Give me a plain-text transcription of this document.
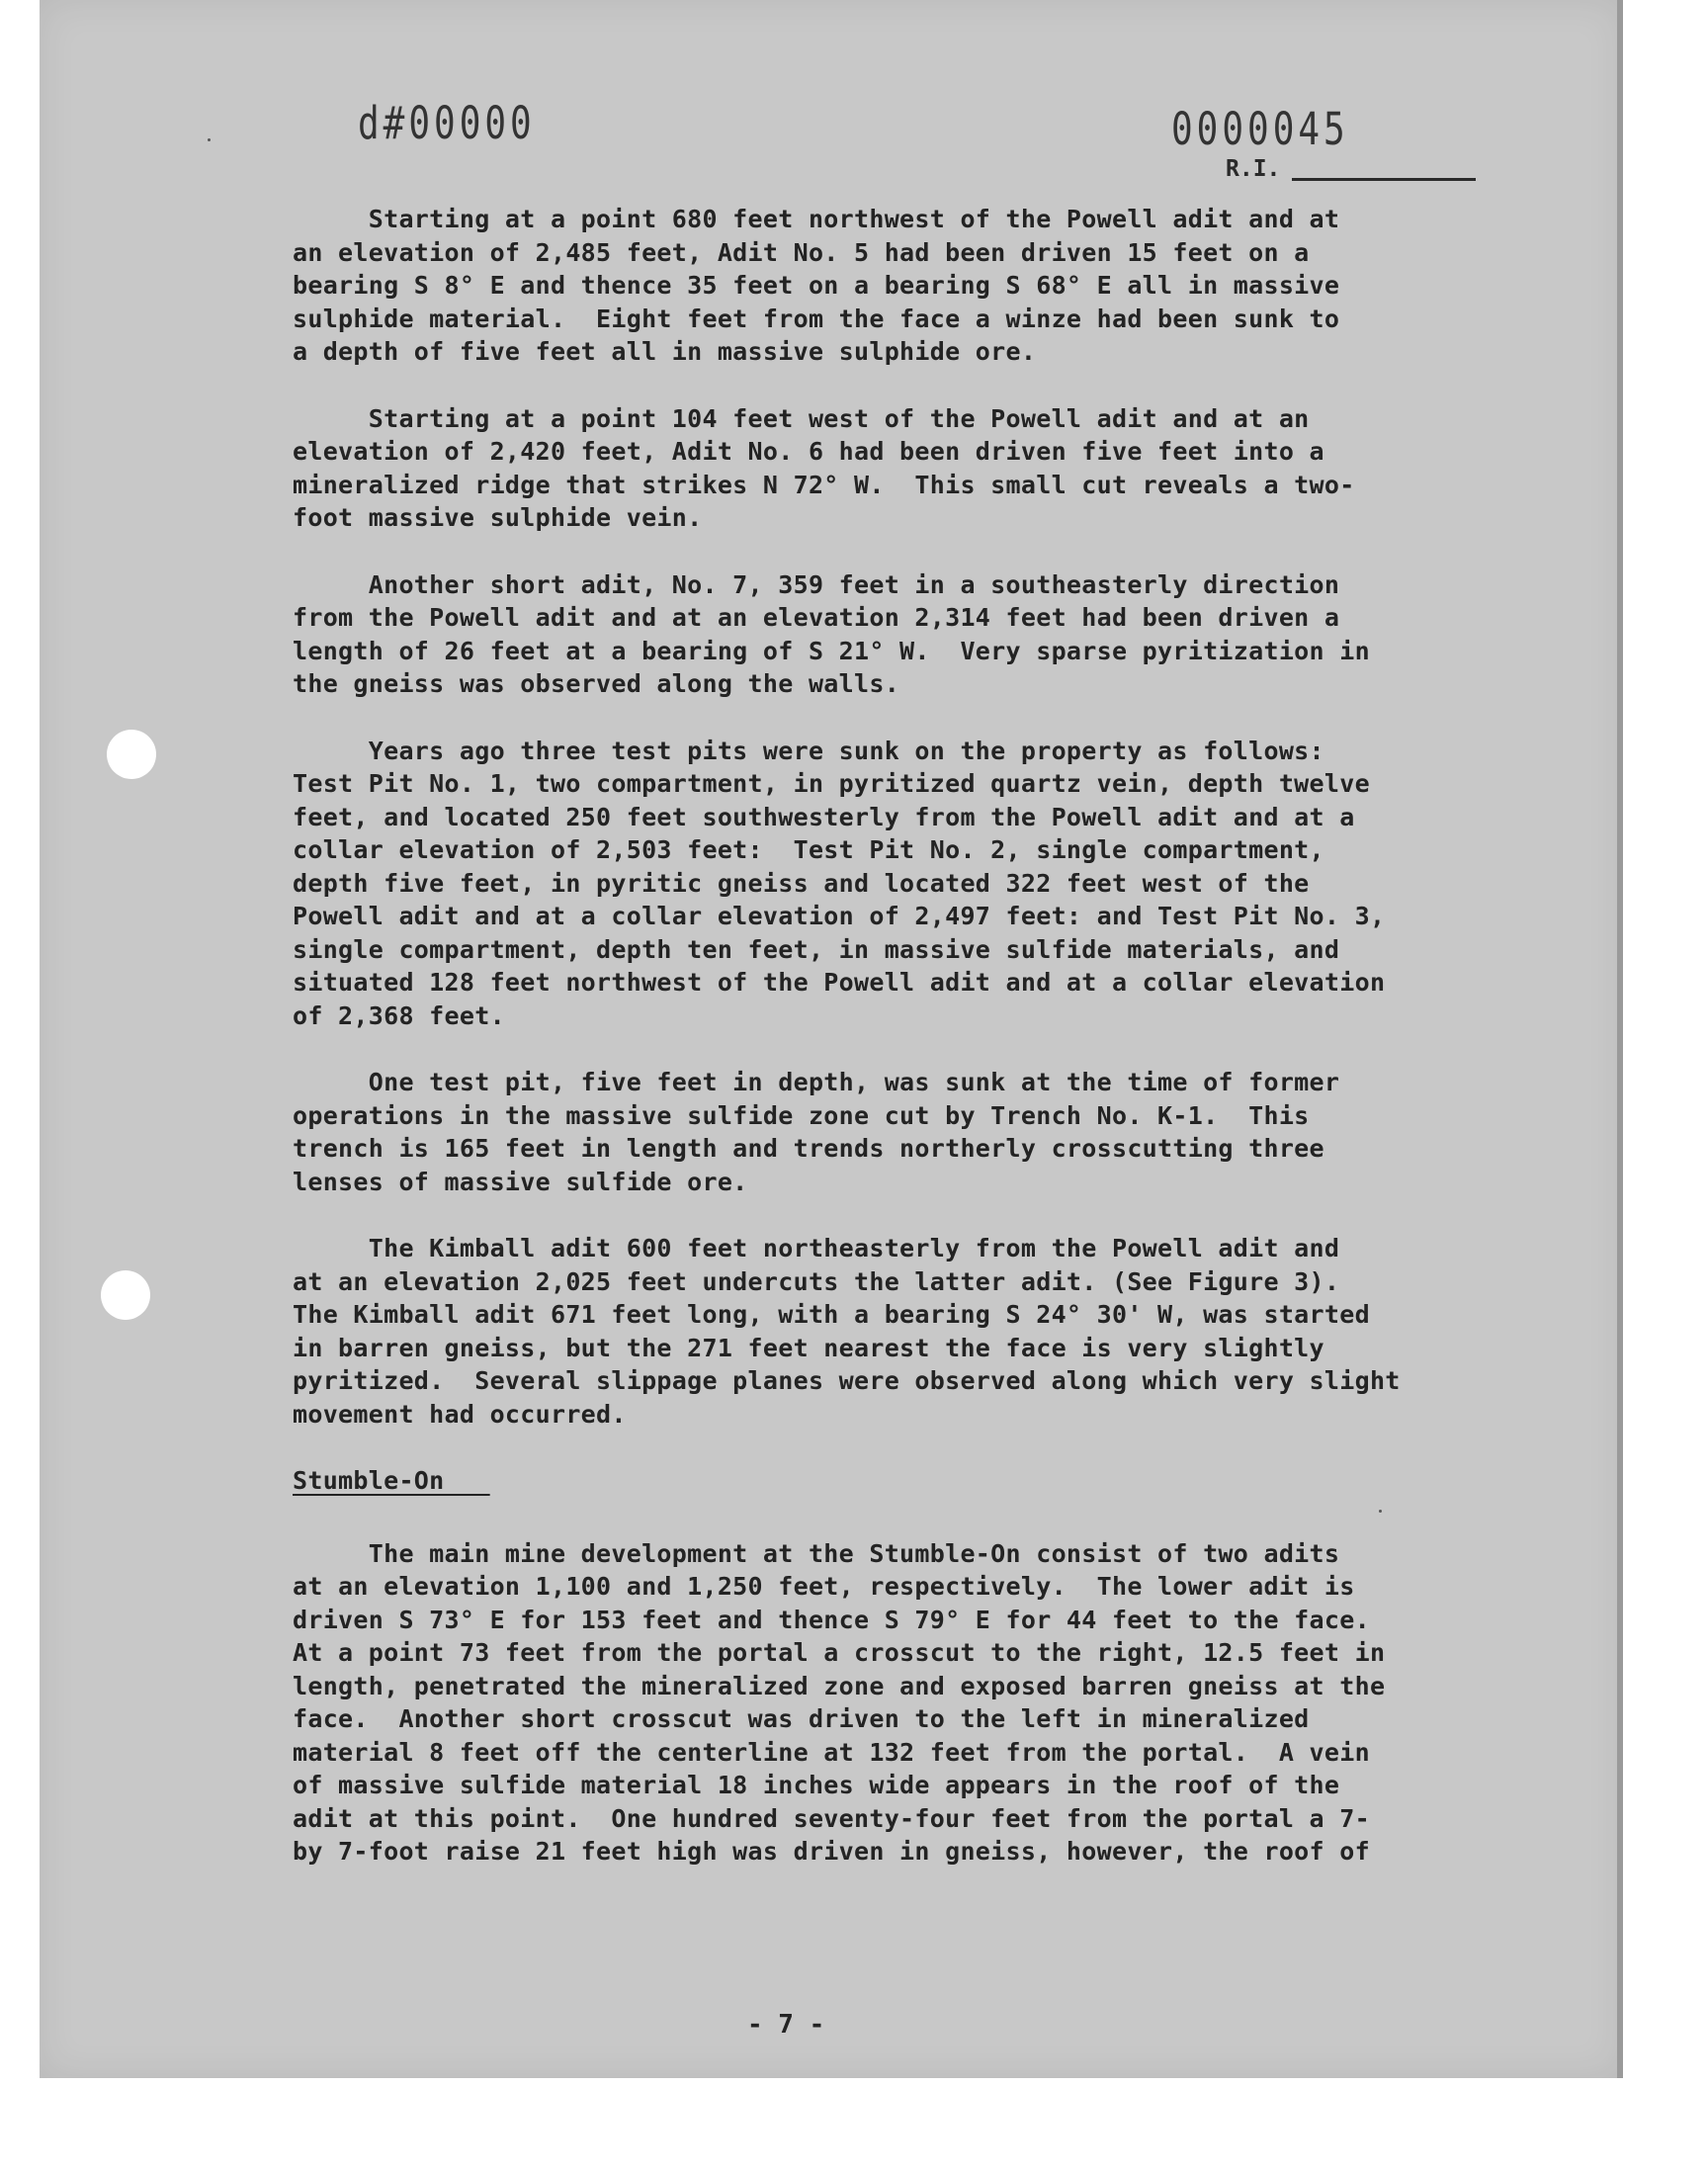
d#00000	0000045
R.I.
Starting at a point 680 feet northwest of the Powell adit and at
an elevation of 2,485 feet, Adit No. 5 had been driven 15 feet on a
bearing S 8° E and thence 35 feet on a bearing S 68° E all in massive
sulphide material.  Eight feet from the face a winze had been sunk to
a depth of five feet all in massive sulphide ore.
Starting at a point 104 feet west of the Powell adit and at an
elevation of 2,420 feet, Adit No. 6 had been driven five feet into a
mineralized ridge that strikes N 72° W.  This small cut reveals a two-
foot massive sulphide vein.
Another short adit, No. 7, 359 feet in a southeasterly direction
from the Powell adit and at an elevation 2,314 feet had been driven a
length of 26 feet at a bearing of S 21° W.  Very sparse pyritization in
the gneiss was observed along the walls.
Years ago three test pits were sunk on the property as follows:
Test Pit No. 1, two compartment, in pyritized quartz vein, depth twelve
feet, and located 250 feet southwesterly from the Powell adit and at a
collar elevation of 2,503 feet:  Test Pit No. 2, single compartment,
depth five feet, in pyritic gneiss and located 322 feet west of the
Powell adit and at a collar elevation of 2,497 feet: and Test Pit No. 3,
single compartment, depth ten feet, in massive sulfide materials, and
situated 128 feet northwest of the Powell adit and at a collar elevation
of 2,368 feet.
One test pit, five feet in depth, was sunk at the time of former
operations in the massive sulfide zone cut by Trench No. K-1.  This
trench is 165 feet in length and trends northerly crosscutting three
lenses of massive sulfide ore.
The Kimball adit 600 feet northeasterly from the Powell adit and
at an elevation 2,025 feet undercuts the latter adit. (See Figure 3).
The Kimball adit 671 feet long, with a bearing S 24° 30' W, was started
in barren gneiss, but the 271 feet nearest the face is very slightly
pyritized.  Several slippage planes were observed along which very slight
movement had occurred.
Stumble-On
The main mine development at the Stumble-On consist of two adits
at an elevation 1,100 and 1,250 feet, respectively.  The lower adit is
driven S 73° E for 153 feet and thence S 79° E for 44 feet to the face.
At a point 73 feet from the portal a crosscut to the right, 12.5 feet in
length, penetrated the mineralized zone and exposed barren gneiss at the
face.  Another short crosscut was driven to the left in mineralized
material 8 feet off the centerline at 132 feet from the portal.  A vein
of massive sulfide material 18 inches wide appears in the roof of the
adit at this point.  One hundred seventy-four feet from the portal a 7-
by 7-foot raise 21 feet high was driven in gneiss, however, the roof of
- 7 -
